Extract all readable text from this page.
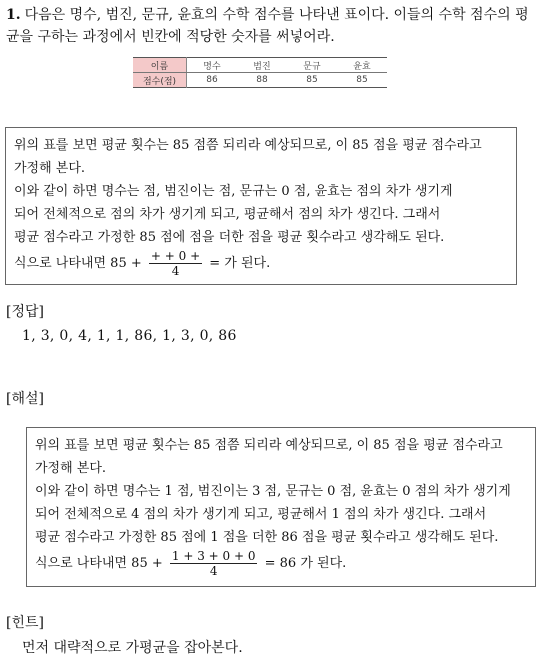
1. 다음은 명수, 범진, 문규, 윤효의 수학 점수를 나타낸 표이다. 이들의 수학 점수의 평균을 구하는 과정에서 빈칸에 적당한 숫자를 써넣어라.
이름	명수	범진	문규	윤효
점수(점)	86	88	85	85
위의 표를 보면 평균 횟수는 85 점쯤 되리라 예상되므로, 이 85 점을 평균 점수라고
가정해 본다.
이와 같이 하면 명수는 점, 범진이는 점, 문규는 0 점, 윤효는 점의 차가 생기게
되어 전체적으로 점의 차가 생기게 되고, 평균해서 점의 차가 생긴다. 그래서
평균 점수라고 가정한 85 점에 점을 더한 점을 평균 횟수라고 생각해도 된다.
식으로 나타내면 $85 + \frac{+ + 0 +}{4}$ = 가 된다.
[정답]
1, 3, 0, 4, 1, 1, 86, 1, 3, 0, 86
[해설]
위의 표를 보면 평균 횟수는 85 점쯤 되리라 예상되므로, 이 85 점을 평균 점수라고
가정해 본다.
이와 같이 하면 명수는 1 점, 범진이는 3 점, 문규는 0 점, 윤효는 0 점의 차가 생기게
되어 전체적으로 4 점의 차가 생기게 되고, 평균해서 1 점의 차가 생긴다. 그래서
평균 점수라고 가정한 85 점에 1 점을 더한 86 점을 평균 횟수라고 생각해도 된다.
식으로 나타내면 $85 + \frac{1 + 3 + 0 + 0}{4} = 86$ 가 된다.
[힌트]
먼저 대략적으로 가평균을 잡아본다.
